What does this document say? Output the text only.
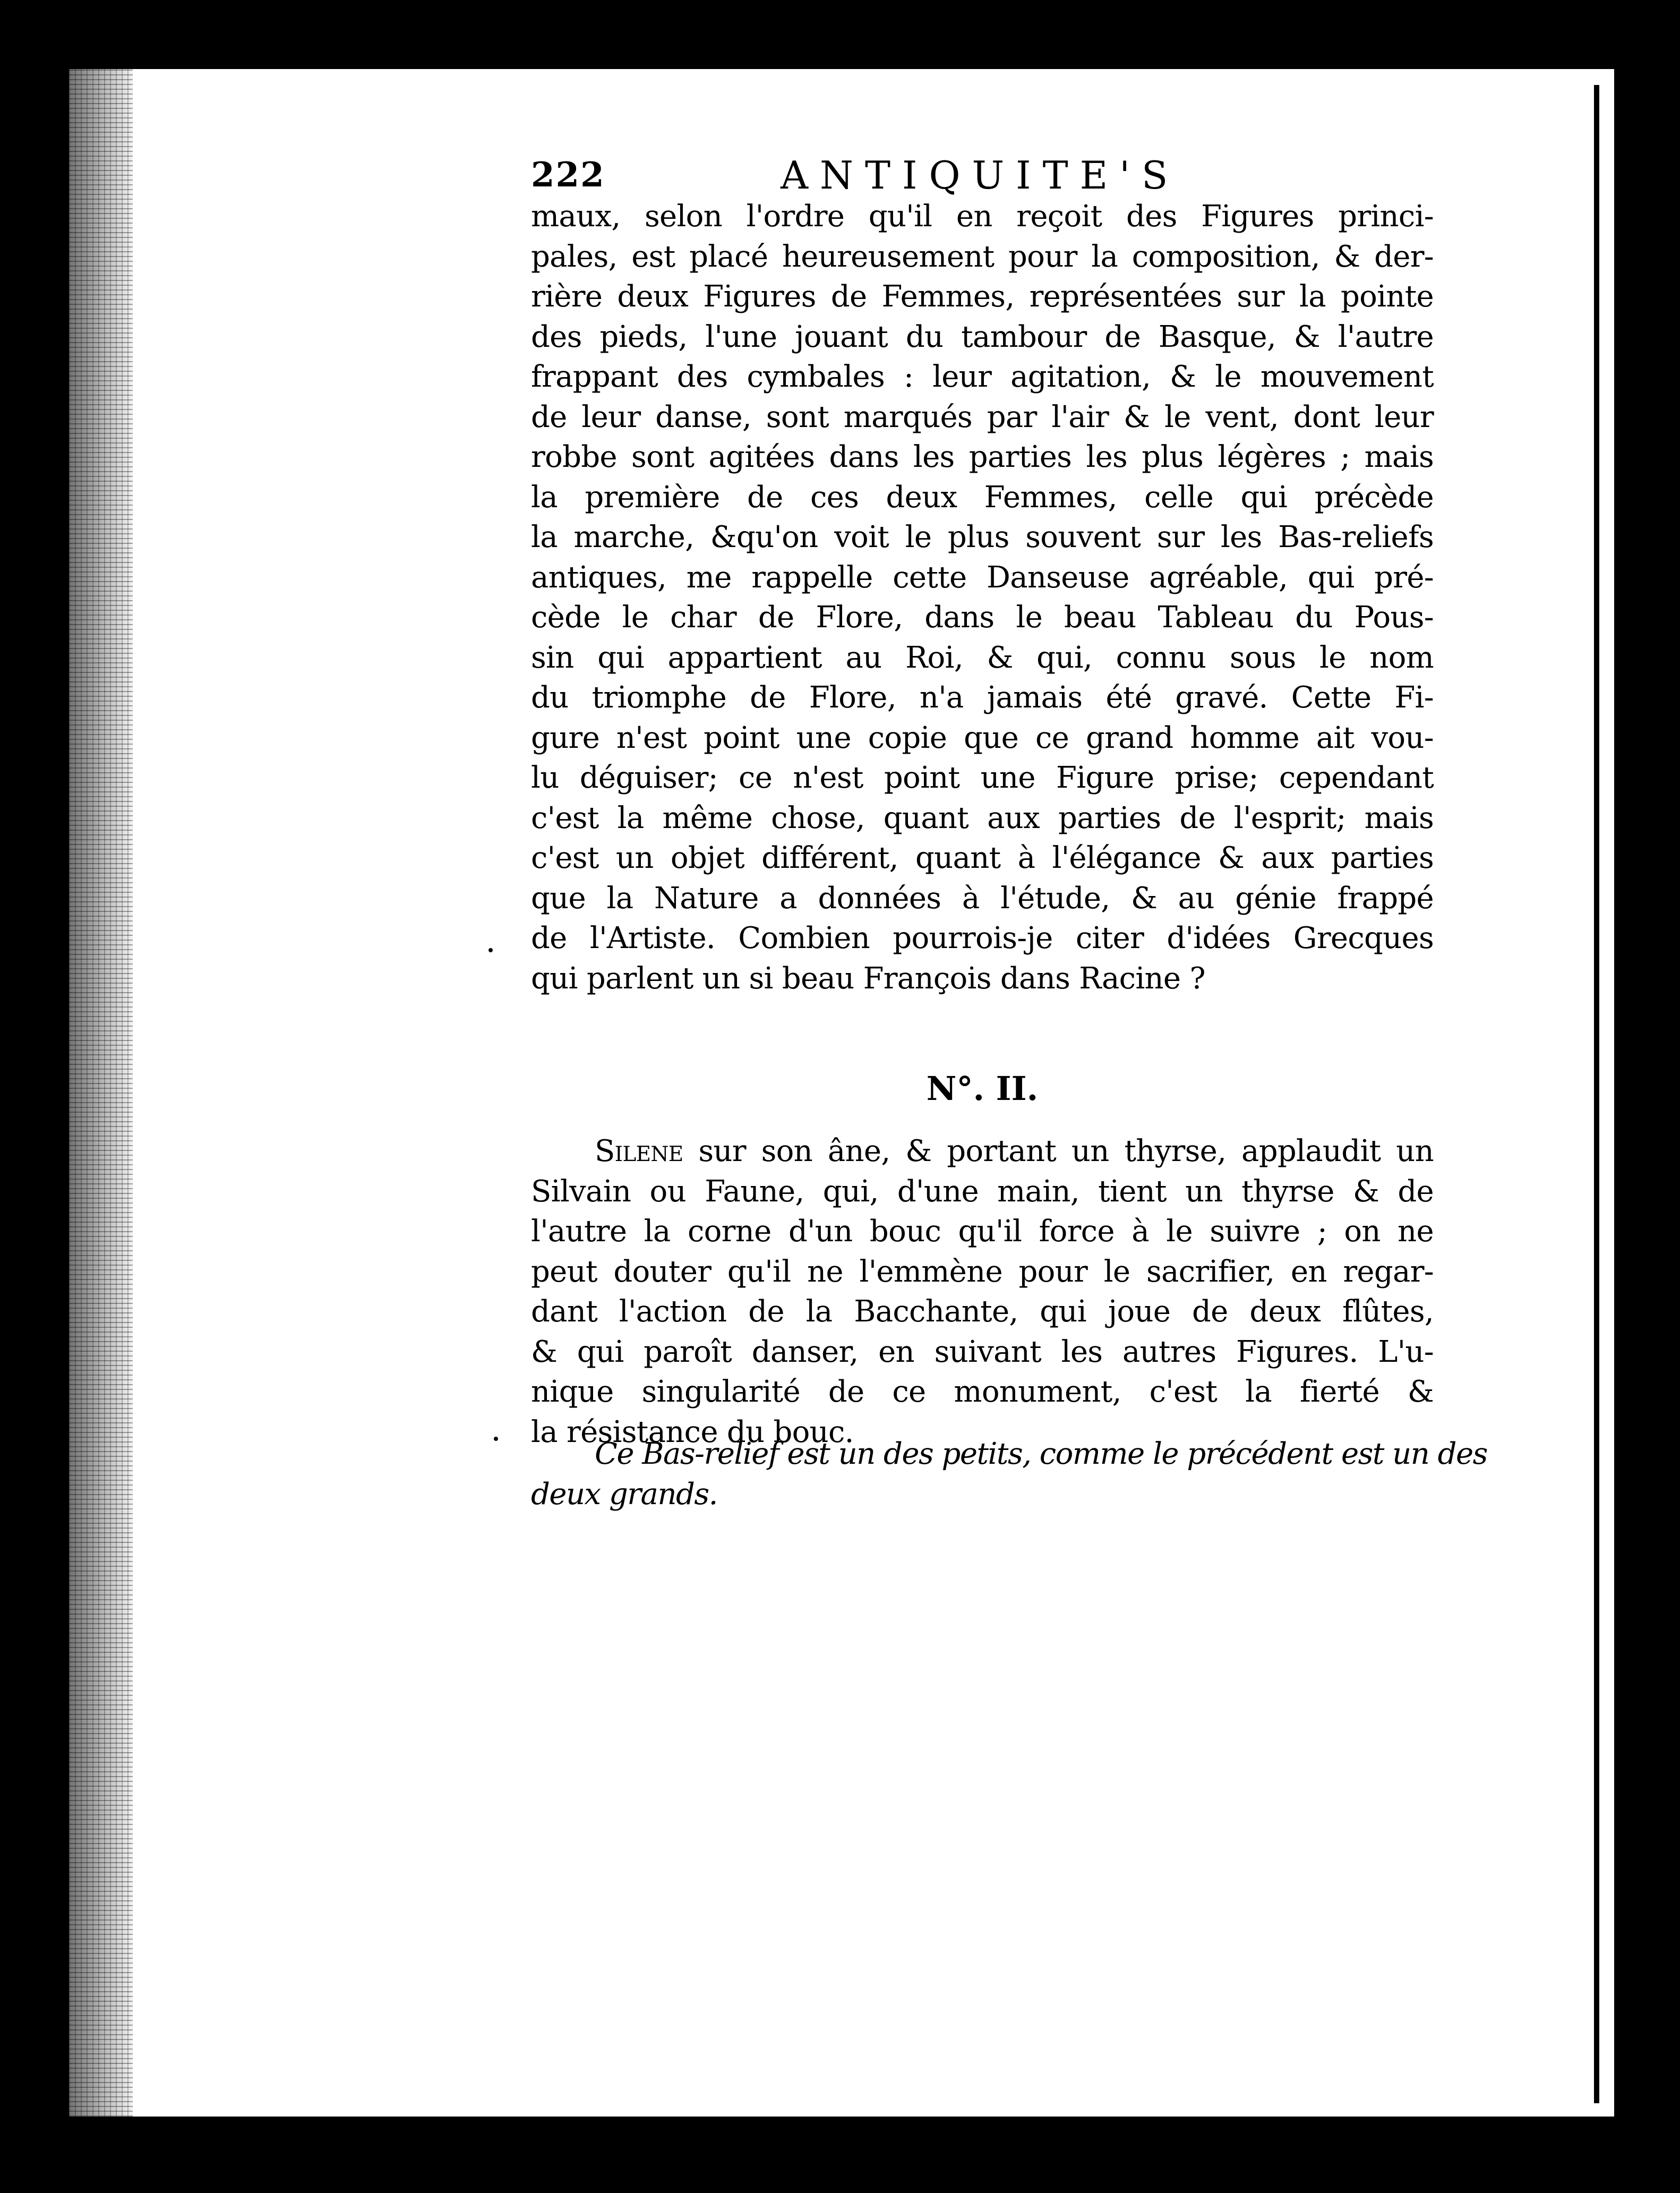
222	ANTIQUITE'S
maux, selon l'ordre qu'il en reçoit des Figures princi-
pales, est placé heureusement pour la composition, & der-
rière deux Figures de Femmes, représentées sur la pointe
des pieds, l'une jouant du tambour de Basque, & l'autre
frappant des cymbales : leur agitation, & le mouvement
de leur danse, sont marqués par l'air & le vent, dont leur
robbe sont agitées dans les parties les plus légères ; mais
la première de ces deux Femmes, celle qui précède
la marche, &qu'on voit le plus souvent sur les Bas-reliefs
antiques, me rappelle cette Danseuse agréable, qui pré-
cède le char de Flore, dans le beau Tableau du Pous-
sin qui appartient au Roi, & qui, connu sous le nom
du triomphe de Flore, n'a jamais été gravé. Cette Fi-
gure n'est point une copie que ce grand homme ait vou-
lu déguiser; ce n'est point une Figure prise; cependant
c'est la même chose, quant aux parties de l'esprit; mais
c'est un objet différent, quant à l'élégance & aux parties
que la Nature a données à l'étude, & au génie frappé
de l'Artiste. Combien pourrois-je citer d'idées Grecques
qui parlent un si beau François dans Racine ?
N°. II.
Silene sur son âne, & portant un thyrse, applaudit un
Silvain ou Faune, qui, d'une main, tient un thyrse & de
l'autre la corne d'un bouc qu'il force à le suivre ; on ne
peut douter qu'il ne l'emmène pour le sacrifier, en regar-
dant l'action de la Bacchante, qui joue de deux flûtes,
& qui paroît danser, en suivant les autres Figures. L'u-
nique singularité de ce monument, c'est la fierté &
la résistance du bouc.
Ce Bas-relief est un des petits, comme le précédent est un des
deux grands.
